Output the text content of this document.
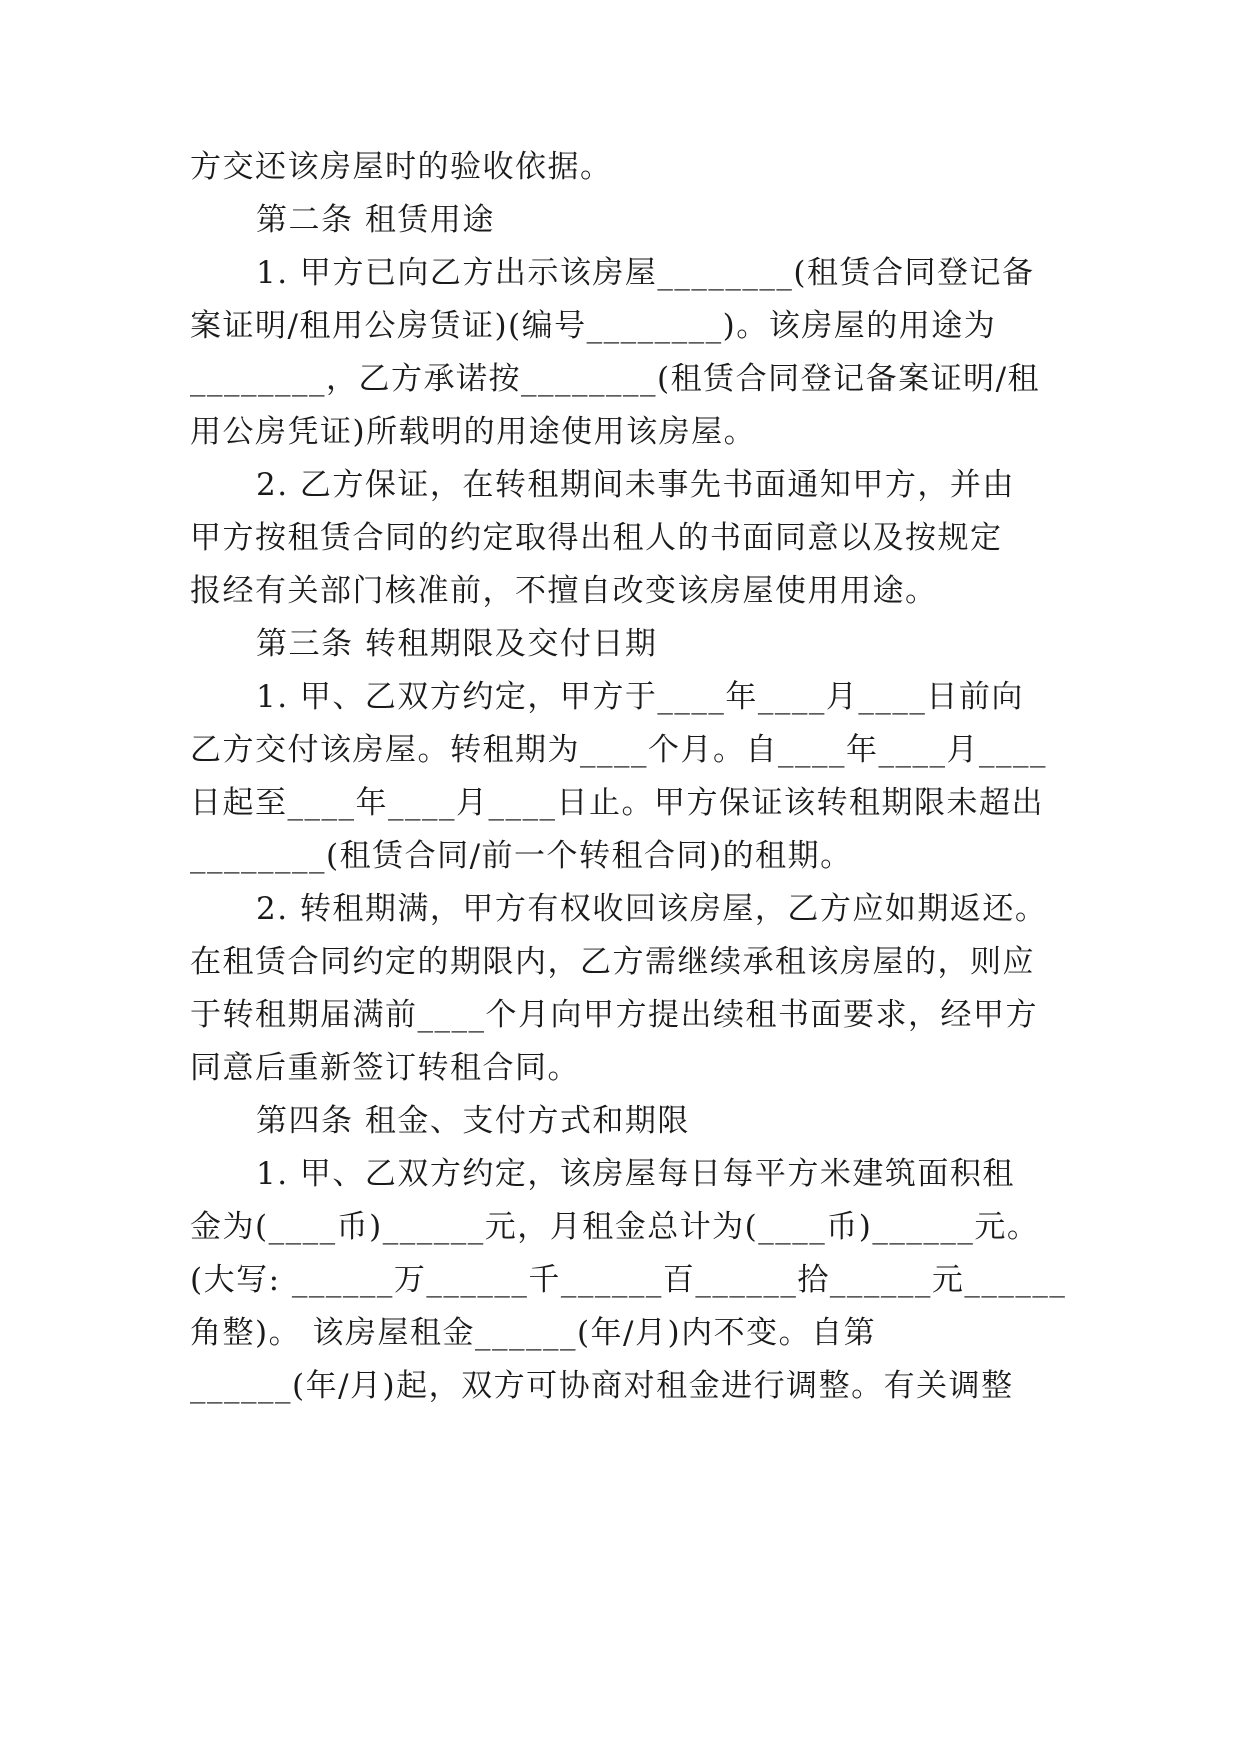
方交还该房屋时的验收依据。
第二条 租赁用途
1. 甲方已向乙方出示该房屋________(租赁合同登记备
案证明/租用公房赁证)(编号________)。该房屋的用途为
________，乙方承诺按________(租赁合同登记备案证明/租
用公房凭证)所载明的用途使用该房屋。
2. 乙方保证，在转租期间未事先书面通知甲方，并由
甲方按租赁合同的约定取得出租人的书面同意以及按规定
报经有关部门核准前，不擅自改变该房屋使用用途。
第三条 转租期限及交付日期
1. 甲、乙双方约定，甲方于____年____月____日前向
乙方交付该房屋。转租期为____个月。自____年____月____
日起至____年____月____日止。甲方保证该转租期限未超出
________(租赁合同/前一个转租合同)的租期。
2. 转租期满，甲方有权收回该房屋，乙方应如期返还。
在租赁合同约定的期限内，乙方需继续承租该房屋的，则应
于转租期届满前____个月向甲方提出续租书面要求，经甲方
同意后重新签订转租合同。
第四条 租金、支付方式和期限
1. 甲、乙双方约定，该房屋每日每平方米建筑面积租
金为(____币)______元，月租金总计为(____币)______元。
(大写: ______万______千______百______拾______元______
角整)。 该房屋租金______(年/月)内不变。自第
______(年/月)起，双方可协商对租金进行调整。有关调整
